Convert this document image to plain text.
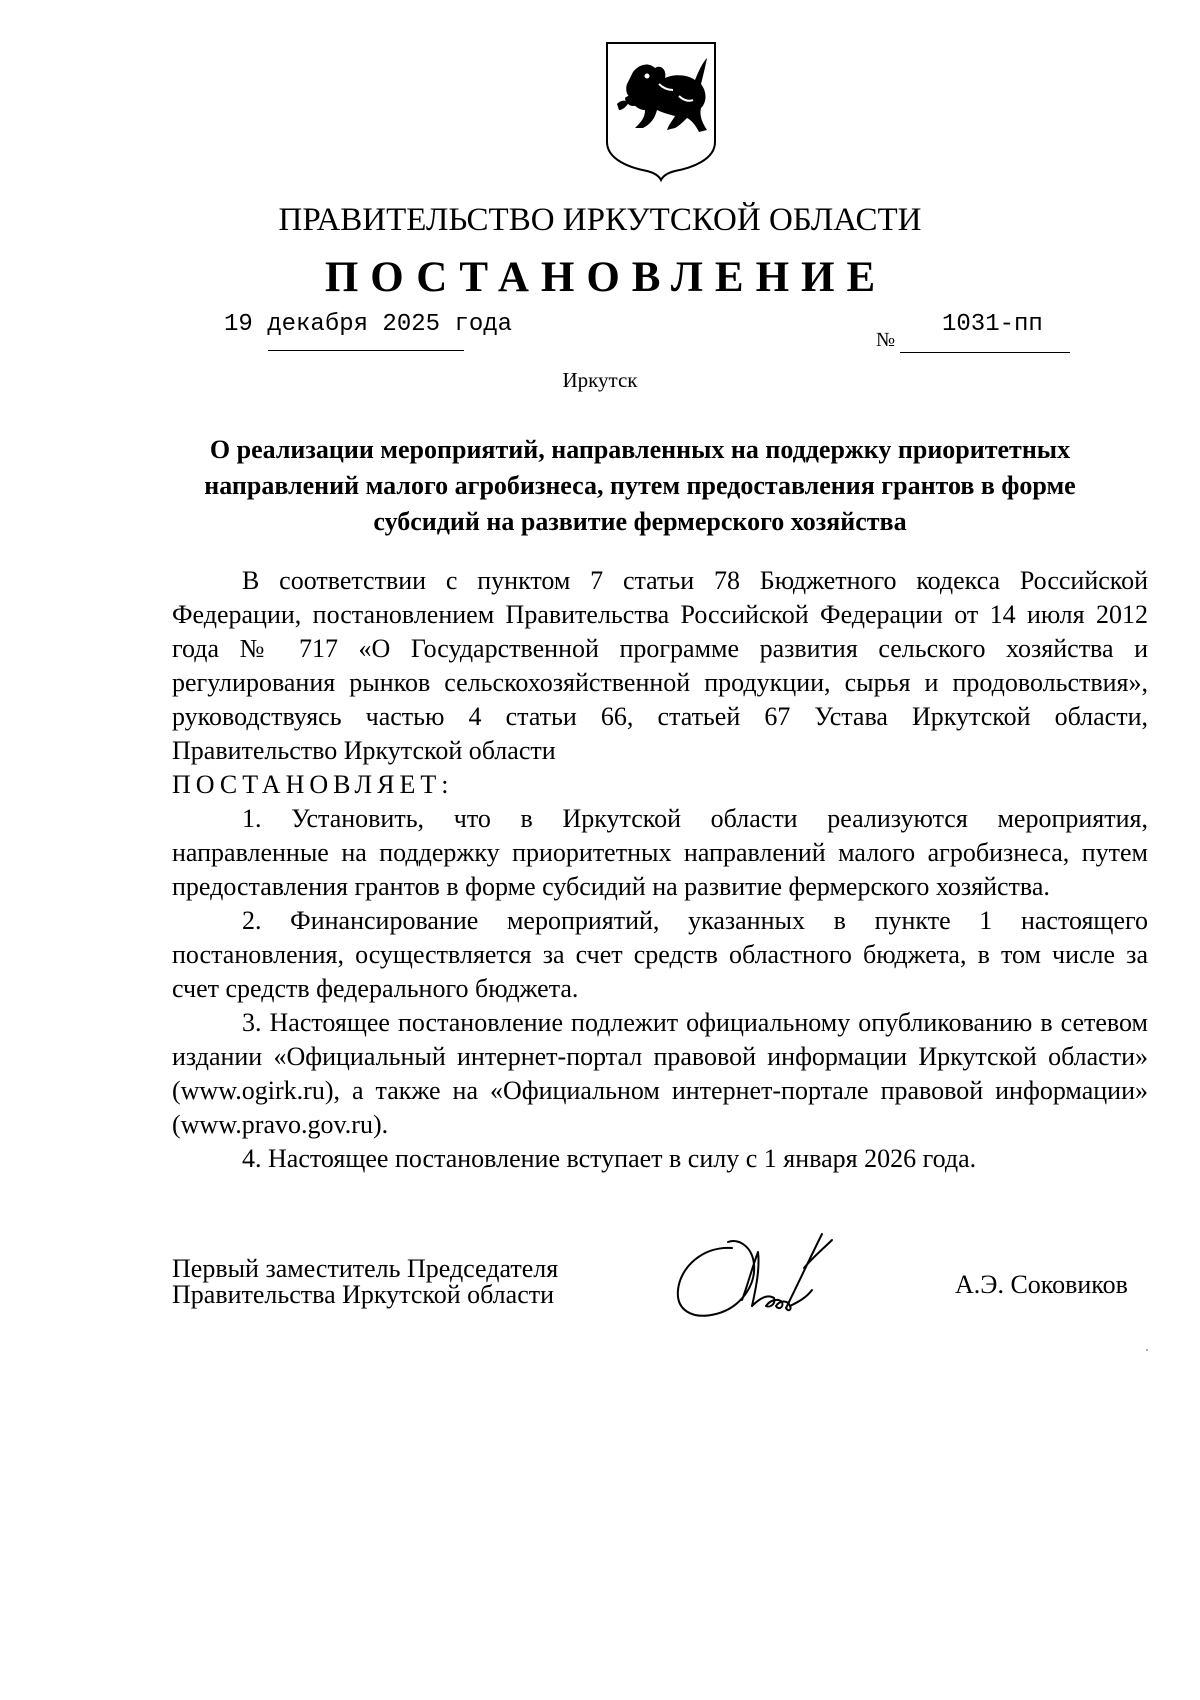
ПРАВИТЕЛЬСТВО ИРКУТСКОЙ ОБЛАСТИ
ПОСТАНОВЛЕНИЕ
19 декабря 2025 года
№
1031-пп
Иркутск
О реализации мероприятий, направленных на поддержку приоритетных
направлений малого агробизнеса, путем предоставления грантов в форме
субсидий на развитие фермерского хозяйства

В соответствии с пунктом 7 статьи 78 Бюджетного кодекса Российской Федерации, постановлением Правительства Российской Федерации от 14 июля 2012 года № 717 «О Государственной программе развития сельского хозяйства и регулирования рынков сельскохозяйственной продукции, сырья и продовольствия», руководствуясь частью 4 статьи 66, статьей 67 Устава Иркутской области, Правительство Иркутской области

ПОСТАНОВЛЯЕТ:

1. Установить, что в Иркутской области реализуются мероприятия, направленные на поддержку приоритетных направлений малого агробизнеса, путем предоставления грантов в форме субсидий на развитие фермерского хозяйства.

2. Финансирование мероприятий, указанных в пункте 1 настоящего постановления, осуществляется за счет средств областного бюджета, в том числе за счет средств федерального бюджета.

3. Настоящее постановление подлежит официальному опубликованию в сетевом издании «Официальный интернет-портал правовой информации Иркутской области» (www.ogirk.ru), а также на «Официальном интернет-портале правовой информации» (www.pravo.gov.ru).

4. Настоящее постановление вступает в силу с 1 января 2026 года.

Первый заместитель Председателя
Правительства Иркутской области	А.Э. Соковиков
